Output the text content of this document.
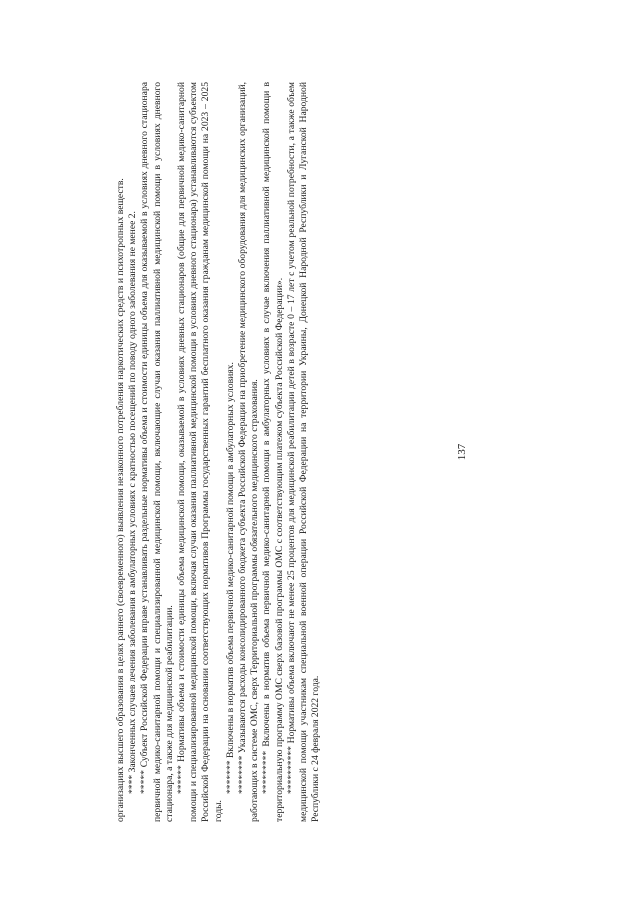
организациях высшего образования в целях раннего (своевременного) выявления незаконного потребления наркотических средств и психотропных веществ. **** Законченных случаев лечения заболевания в амбулаторных условиях с кратностью посещений по поводу одного заболевания не менее 2. ***** Субъект Российской Федерации вправе устанавливать раздельные нормативы объема и стоимости единицы объема для оказываемой в условиях дневного стационара первичной медико-санитарной помощи и специализированной медицинской помощи, включающие случаи оказания паллиативной медицинской помощи в условиях дневного стационара, а также для медицинской реабилитации. ****** Нормативы объема и стоимости единицы объема медицинской помощи, оказываемой в условиях дневных стационаров (общие для первичной медико-санитарной помощи и специализированной медицинской помощи, включая случаи оказания паллиативной медицинской помощи в условиях дневного стационара) устанавливаются субъектом Российской Федерации на основании соответствующих нормативов Программы государственных гарантий бесплатного оказания гражданам медицинской помощи на 2023 – 2025 годы.

******* Включены в норматив объема первичной медико-санитарной помощи в амбулаторных условиях. ******** Указываются расходы консолидированного бюджета субъекта Российской Федерации на приобретение медицинского оборудования для медицинских организаций, работающих в системе ОМС, сверх Территориальной программы обязательного медицинского страхования. ********* Включены в норматив объема первичной медико-санитарной помощи в амбулаторных условиях в случае включения паллиативной медицинской помощи в территориальную программу ОМС сверх базовой программы ОМС с соответствующим платежом субъекта Российской Федерации». ********** Нормативы объема включают не менее 25 процентов для медицинской реабилитации детей в возрасте 0 – 17 лет с учетом реальной потребности, а также объем медицинской помощи участникам специальной военной операции Российской Федерации на территории Украины, Донецкой Народной Республики и Луганской Народной Республики с 24 февраля 2022 года.

137
